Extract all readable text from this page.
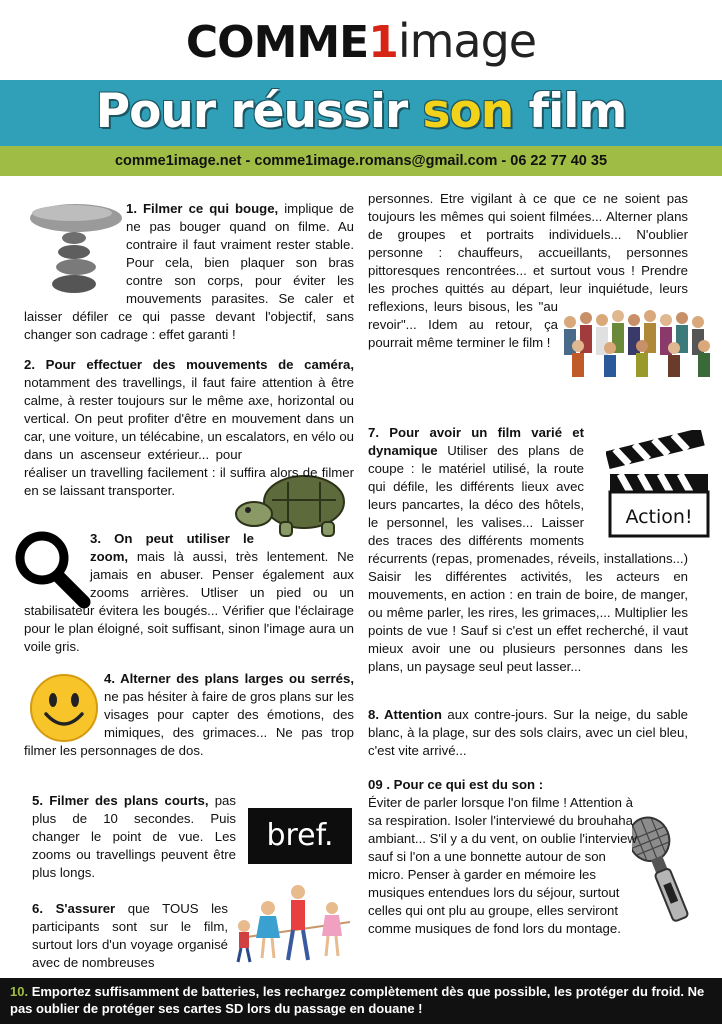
COMME1image
Pour réussir son film

comme1image.net - comme1image.romans@gmail.com - 06 22 77 40 35

Action!
bref.
1. Filmer ce qui bouge, implique de ne pas bouger quand on filme. Au contraire il faut vraiment rester stable. Pour cela, bien plaquer son bras contre son corps, pour éviter les mouvements parasites. Se caler et laisser défiler ce qui passe devant l'objectif, sans changer son cadrage : effet garanti !
2. Pour effectuer des mouvements de caméra, notamment des travellings, il faut faire attention à être calme, à rester toujours sur le même axe, horizontal ou vertical. On peut profiter d'être en mouvement dans un car, une voiture, un télécabine, un escalators, en vélo ou dans un ascenseur extérieur... pour réaliser un travelling facilement : il suffira alors de filmer en se laissant transporter.
3. On peut utiliser le zoom, mais là aussi, très lentement. Ne jamais en abuser. Penser également aux zooms arrières. Utliser un pied ou un stabilisateur évitera les bougés... Vérifier que l'éclairage pour le plan éloigné, soit suffisant, sinon l'image aura un voile gris.
4. Alterner des plans larges ou serrés, ne pas hésiter à faire de gros plans sur les visages pour capter des émotions, des mimiques, des grimaces... Ne pas trop filmer les personnages de dos.
5. Filmer des plans courts, pas plus de 10 secondes. Puis changer le point de vue. Les zooms ou travellings peuvent être plus longs.
6. S'assurer que TOUS les participants sont sur le film, surtout lors d'un voyage organisé avec de nombreuses
personnes. Etre vigilant à ce que ce ne soient pas toujours les mêmes qui soient filmées... Alterner plans de groupes et portraits individuels... N'oublier personne : chauffeurs, accueillants, personnes pittoresques rencontrées... et surtout vous ! Prendre les proches quittés au départ, leur inquiétude, leurs reflexions, leurs bisous, les "au revoir"... Idem au retour, ça pourrait même terminer le film !
7. Pour avoir un film varié et dynamique Utiliser des plans de coupe : le matériel utilisé, la route qui défile, les différents lieux avec leurs pancartes, la déco des hôtels, le personnel, les valises... Laisser des traces des différents moments récurrents (repas, promenades, réveils, installations...) Saisir les différentes activités, les acteurs en mouvements, en action : en train de boire, de manger, ou même parler, les rires, les grimaces,... Multiplier les points de vue ! Sauf si c'est un effet recherché, il vaut mieux avoir une ou plusieurs personnes dans les plans, un paysage seul peut lasser...
8. Attention aux contre-jours. Sur la neige, du sable blanc, à la plage, sur des sols clairs, avec un ciel bleu, c'est vite arrivé...
09 . Pour ce qui est du son :
Éviter de parler lorsque l'on filme ! Attention à sa respiration. Isoler l'interviewé du brouhaha ambiant... S'il y a du vent, on oublie l'interview sauf si l'on a une bonnette autour de son micro. Penser à garder en mémoire les musiques entendues lors du séjour, surtout celles qui ont plu au groupe, elles serviront comme musiques de fond lors du montage.
10. Emportez suffisamment de batteries, les rechargez complètement dès que possible, les protéger du froid. Ne pas oublier de protéger ses cartes SD lors du passage en douane !
